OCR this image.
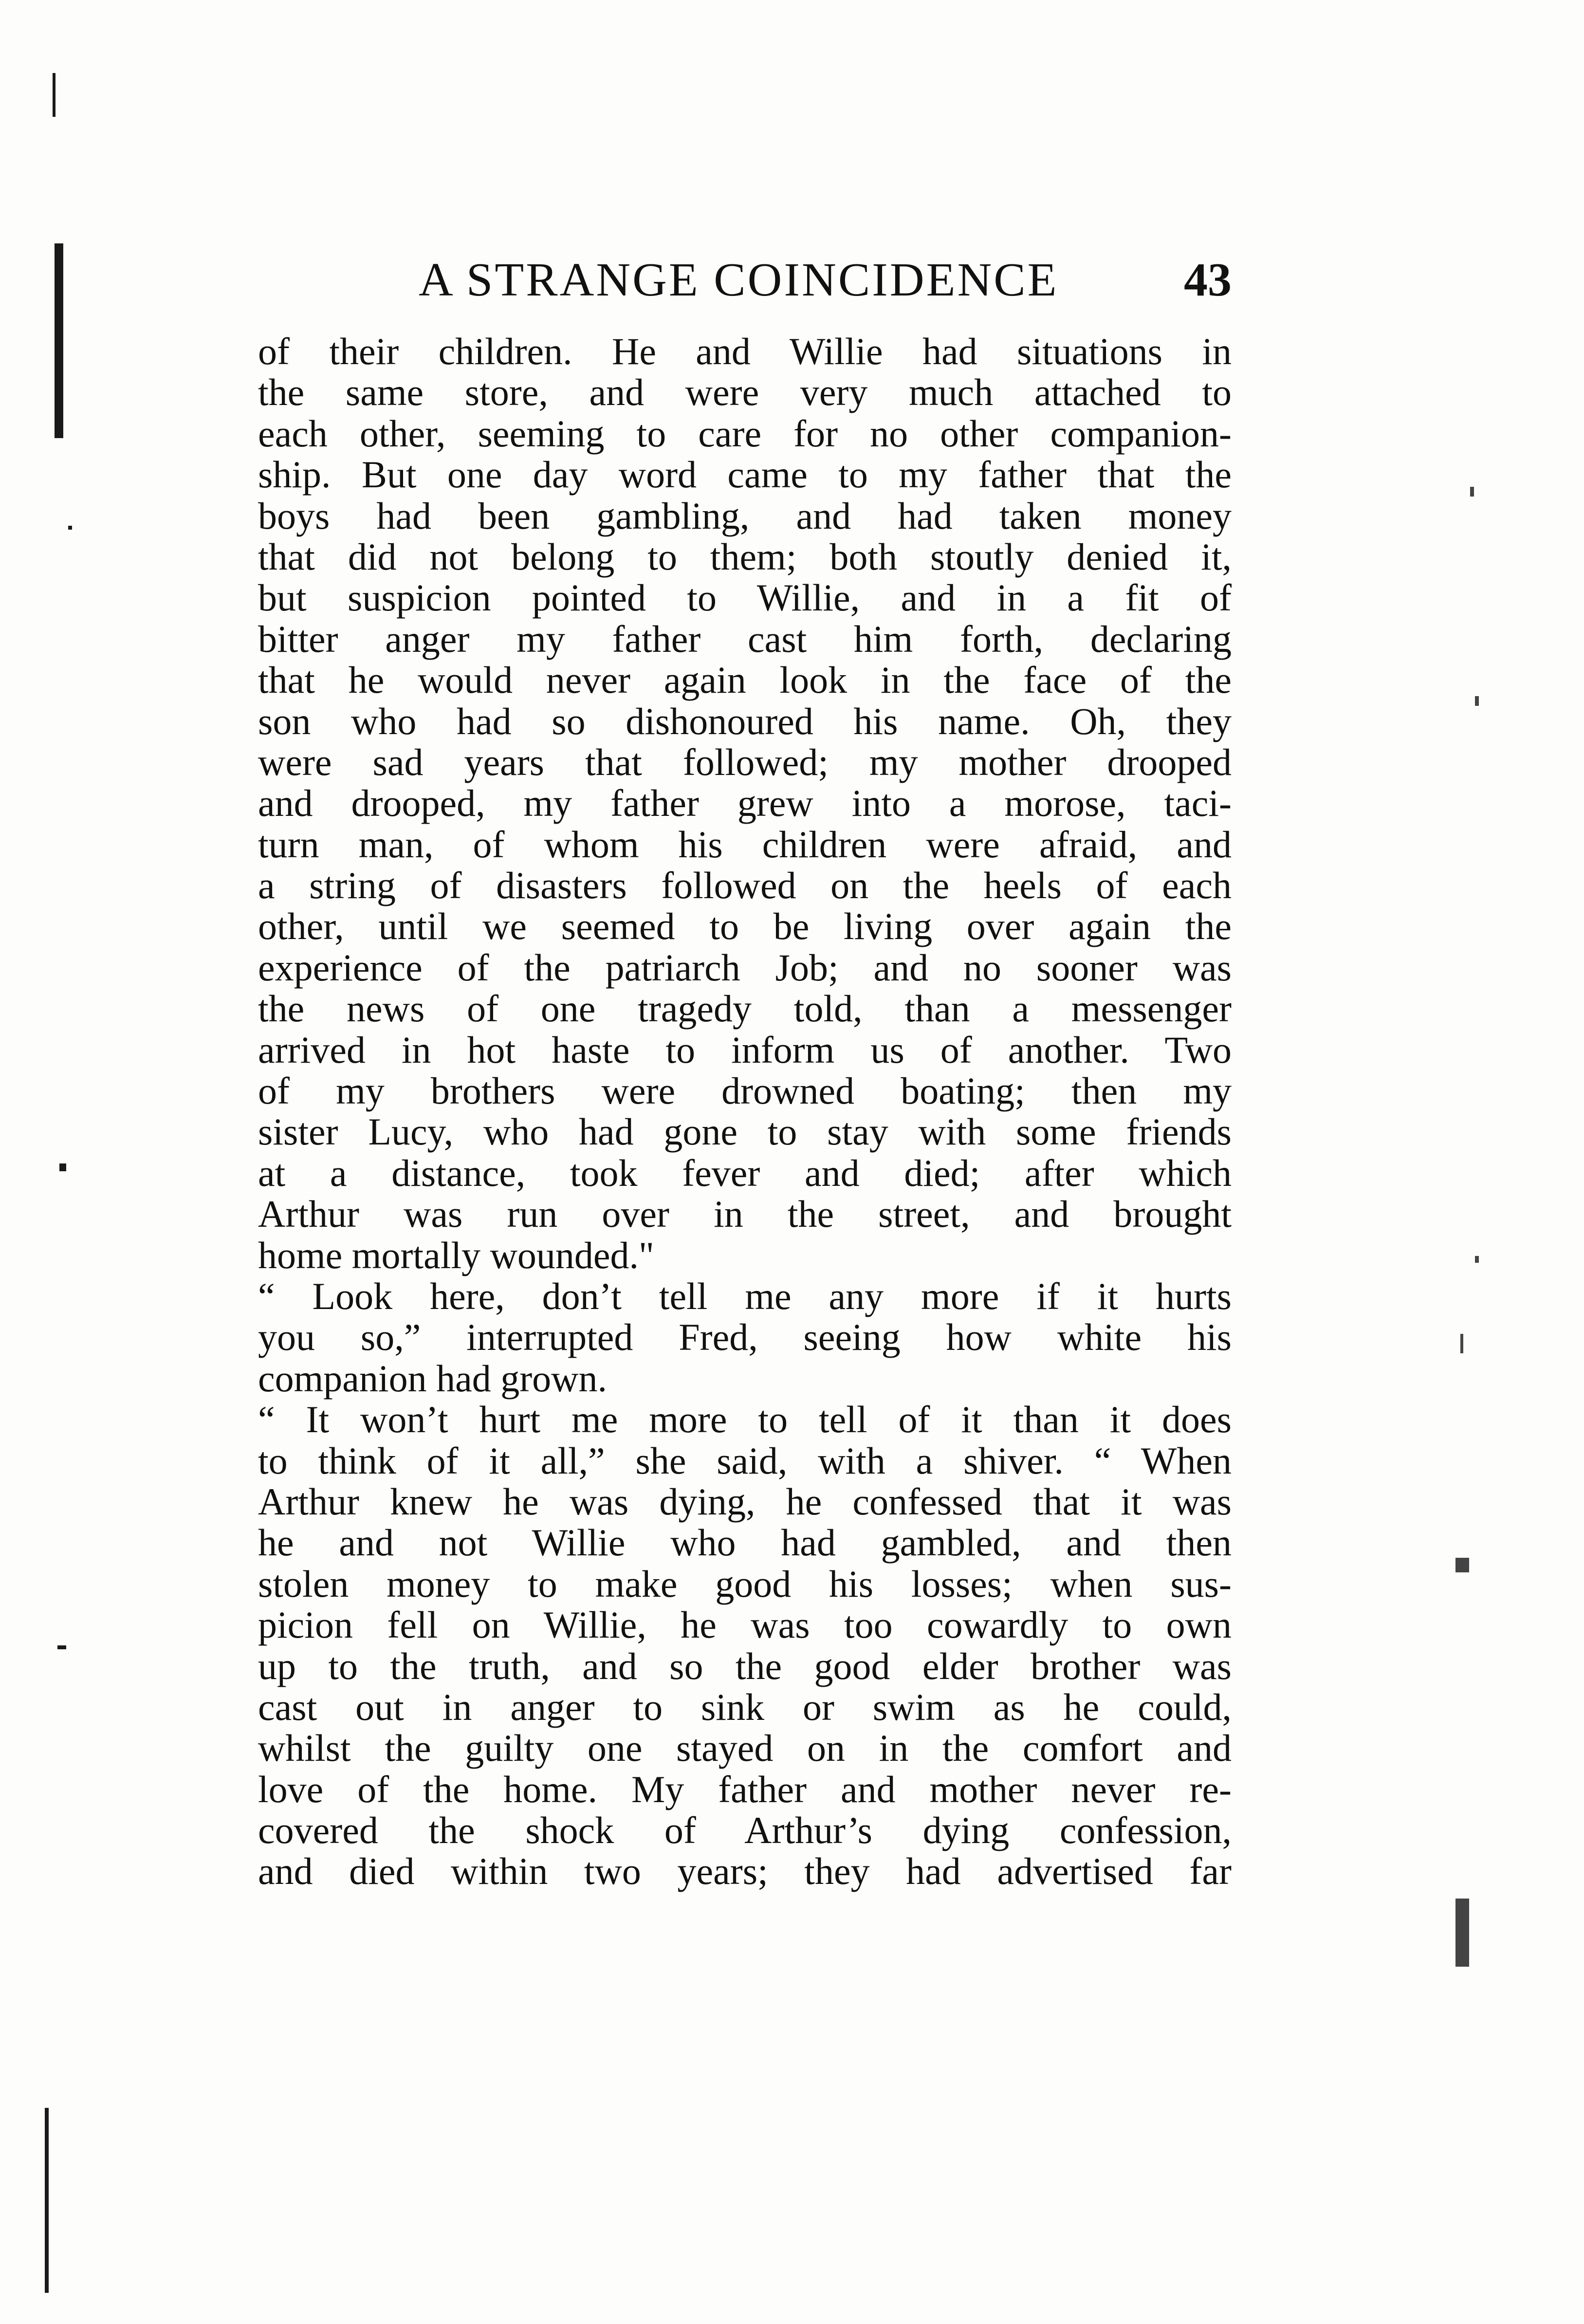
A STRANGE COINCIDENCE	43
of their children. He and Willie had situations in
the same store, and were very much attached to
each other, seeming to care for no other companion-
ship. But one day word came to my father that the
boys had been gambling, and had taken money
that did not belong to them; both stoutly denied it,
but suspicion pointed to Willie, and in a fit of
bitter anger my father cast him forth, declaring
that he would never again look in the face of the
son who had so dishonoured his name. Oh, they
were sad years that followed; my mother drooped
and drooped, my father grew into a morose, taci-
turn man, of whom his children were afraid, and
a string of disasters followed on the heels of each
other, until we seemed to be living over again the
experience of the patriarch Job; and no sooner was
the news of one tragedy told, than a messenger
arrived in hot haste to inform us of another. Two
of my brothers were drowned boating; then my
sister Lucy, who had gone to stay with some friends
at a distance, took fever and died; after which
Arthur was run over in the street, and brought
home mortally wounded."
“ Look here, don’t tell me any more if it hurts
you so,” interrupted Fred, seeing how white his
companion had grown.
“ It won’t hurt me more to tell of it than it does
to think of it all,” she said, with a shiver. “ When
Arthur knew he was dying, he confessed that it was
he and not Willie who had gambled, and then
stolen money to make good his losses; when sus-
picion fell on Willie, he was too cowardly to own
up to the truth, and so the good elder brother was
cast out in anger to sink or swim as he could,
whilst the guilty one stayed on in the comfort and
love of the home. My father and mother never re-
covered the shock of Arthur’s dying confession,
and died within two years; they had advertised far
